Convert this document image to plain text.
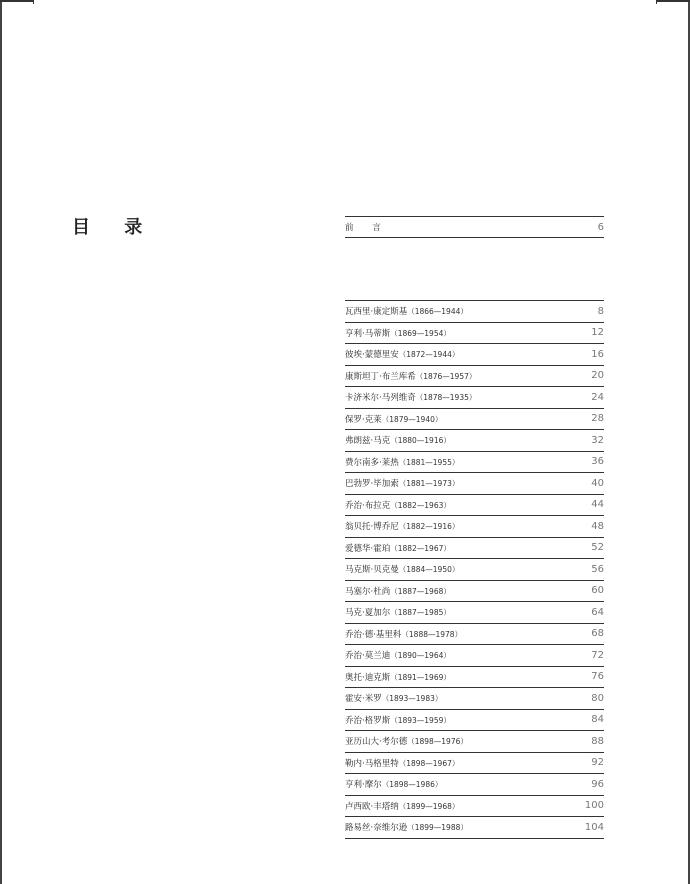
目 录	前 言	6
瓦西里·康定斯基（1866—1944）	8
亨利·马蒂斯（1869—1954）	12
彼埃·蒙德里安（1872—1944）	16
康斯坦丁·布兰库希（1876—1957）	20
卡济米尔·马列维奇（1878—1935）	24
保罗·克莱（1879—1940）	28
弗朗兹·马克（1880—1916）	32
费尔南多·莱热（1881—1955）	36
巴勃罗·毕加索（1881—1973）	40
乔治·布拉克（1882—1963）	44
翁贝托·博乔尼（1882—1916）	48
爱德华·霍珀（1882—1967）	52
马克斯·贝克曼（1884—1950）	56
马塞尔·杜尚（1887—1968）	60
马克·夏加尔（1887—1985）	64
乔治·德·基里科（1888—1978）	68
乔治·莫兰迪（1890—1964）	72
奥托·迪克斯（1891—1969）	76
霍安·米罗（1893—1983）	80
乔治·格罗斯（1893—1959）	84
亚历山大·考尔德（1898—1976）	88
勒内·马格里特（1898—1967）	92
亨利·摩尔（1898—1986）	96
卢西欧·丰塔纳（1899—1968）	100
路易丝·奈维尔逊（1899—1988）	104
